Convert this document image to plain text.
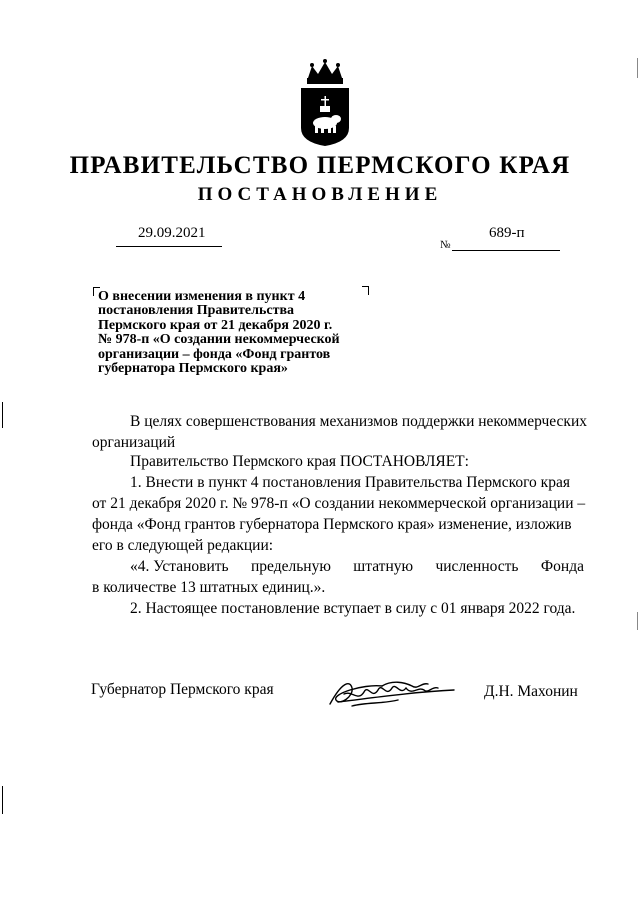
ПРАВИТЕЛЬСТВО ПЕРМСКОГО КРАЯ
ПОСТАНОВЛЕНИЕ
29.09.2021
№
689-п
О внесении изменения в пункт 4
постановления Правительства
Пермского края от 21 декабря 2020 г.
№ 978-п «О создании некоммерческой
организации – фонда «Фонд грантов
губернатора Пермского края»
В целях совершенствования механизмов поддержки некоммерческих
организаций
Правительство Пермского края ПОСТАНОВЛЯЕТ:
1. Внести в пункт 4 постановления Правительства Пермского края
от 21 декабря 2020 г. № 978-п «О создании некоммерческой организации –
фонда «Фонд грантов губернатора Пермского края» изменение, изложив
его в следующей редакции:
«4. Установить предельную штатную численность Фонда
в количестве 13 штатных единиц.».
2. Настоящее постановление вступает в силу с 01 января 2022 года.
Губернатор Пермского края	Д.Н. Махонин
